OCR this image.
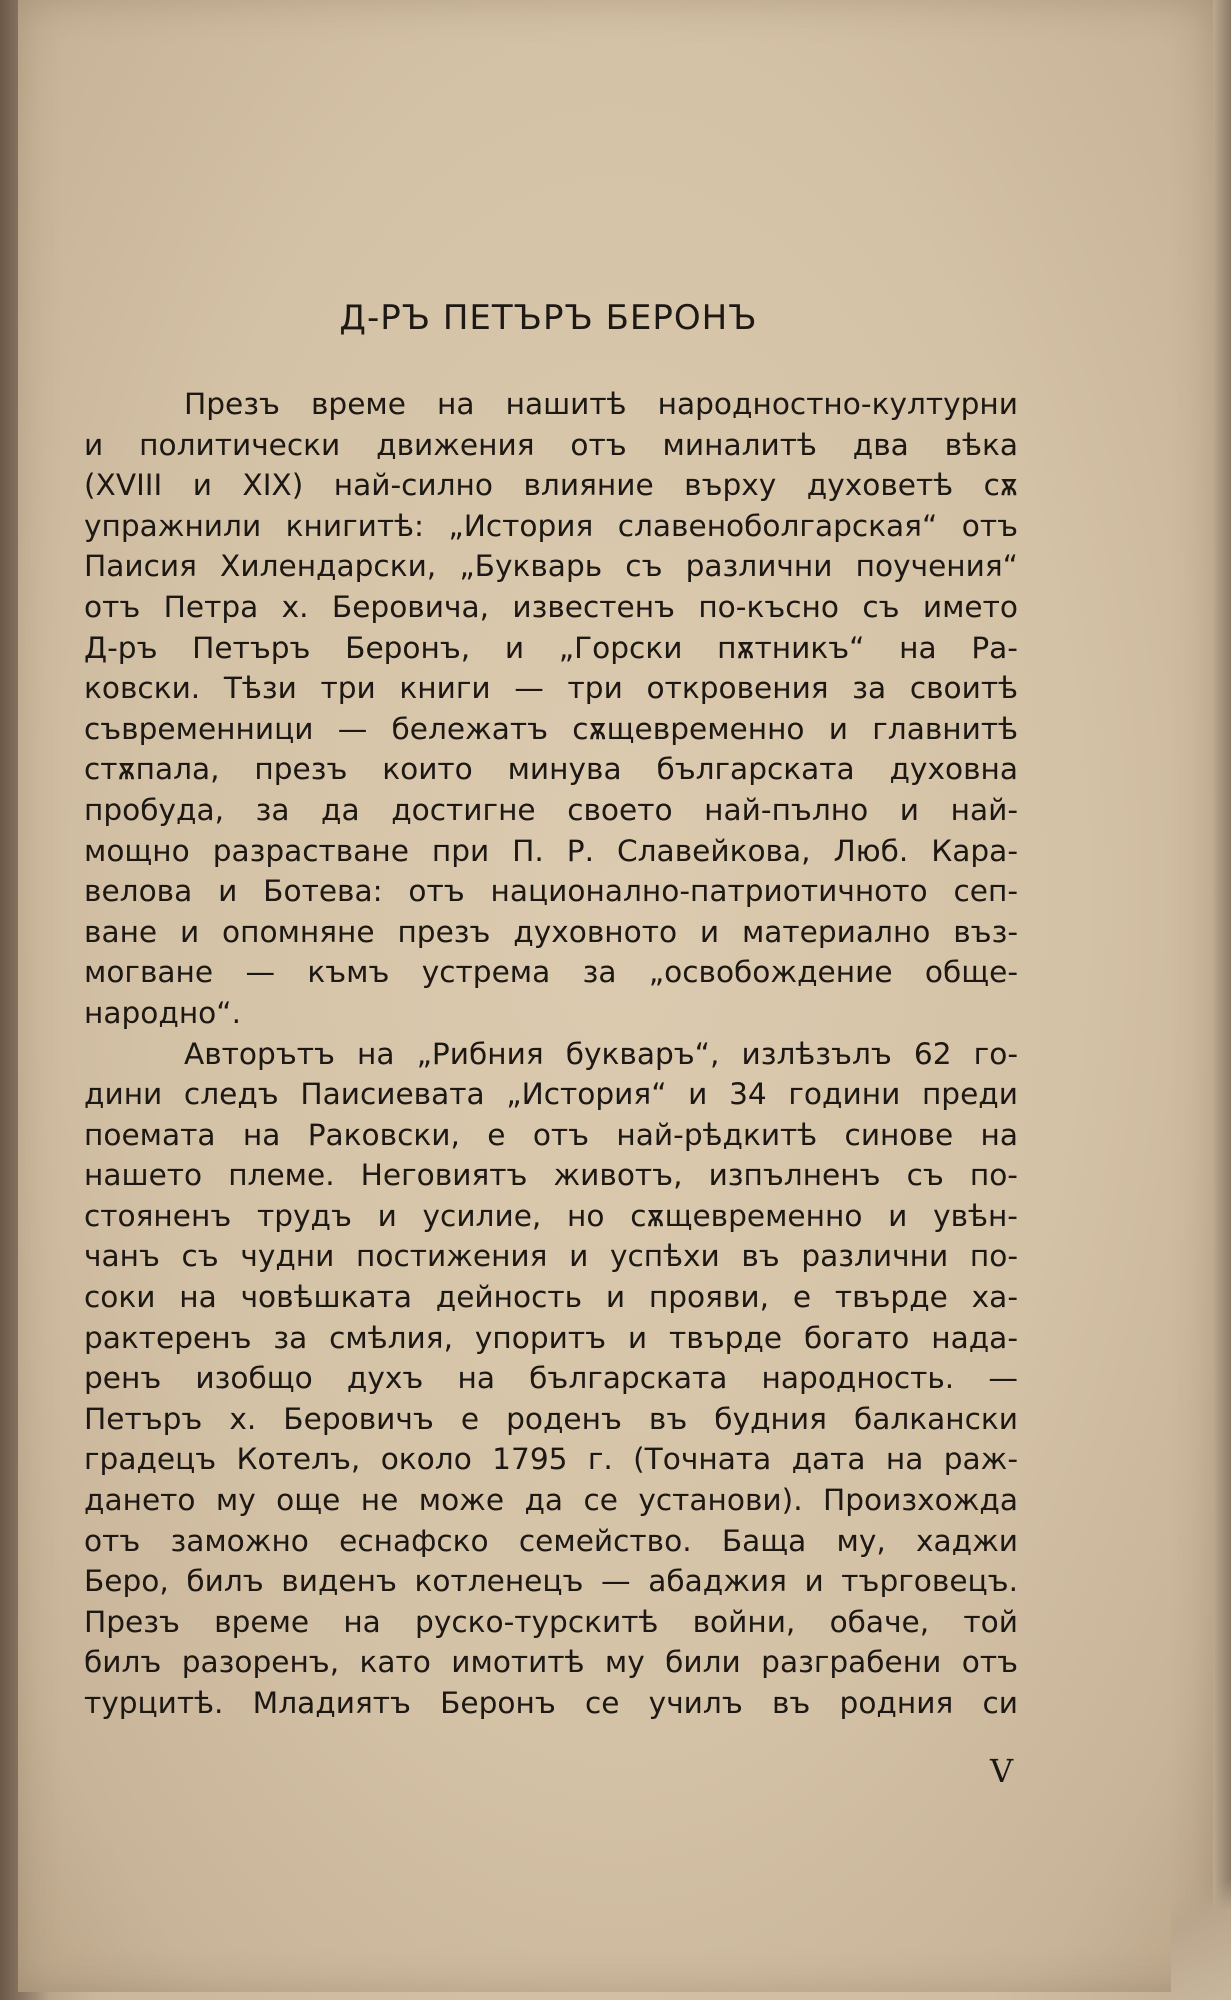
Д-РЪ ПЕТЪРЪ БЕРОНЪ
Презъ време на нашитѣ народностно-културни
и политически движения отъ миналитѣ два вѣка
(XVIII и XIX) най-силно влияние върху духоветѣ сѫ
упражнили книгитѣ: „История славеноболгарская“ отъ
Паисия Хилендарски, „Букварь съ различни поучения“
отъ Петра х. Беровича, известенъ по-късно съ името
Д-ръ Петъръ Беронъ, и „Горски пѫтникъ“ на Ра-
ковски. Тѣзи три книги — три откровения за своитѣ
съвременници — бележатъ сѫщевременно и главнитѣ
стѫпала, презъ които минува българската духовна
пробуда, за да достигне своето най-пълно и най-
мощно разрастване при П. Р. Славейкова, Люб. Кара-
велова и Ботева: отъ национално-патриотичното сеп-
ване и опомняне презъ духовното и материално въз-
могване — къмъ устрема за „освобождение обще-
народно“.
Авторътъ на „Рибния букваръ“, излѣзълъ 62 го-
дини следъ Паисиевата „История“ и 34 години преди
поемата на Раковски, е отъ най-рѣдкитѣ синове на
нашето племе. Неговиятъ животъ, изпълненъ съ по-
стояненъ трудъ и усилие, но сѫщевременно и увѣн-
чанъ съ чудни постижения и успѣхи въ различни по-
соки на човѣшката дейность и прояви, е твърде ха-
рактеренъ за смѣлия, упоритъ и твърде богато нада-
ренъ изобщо духъ на българската народность. —
Петъръ х. Беровичъ е роденъ въ будния балкански
градецъ Котелъ, около 1795 г. (Точната дата на раж-
дането му още не може да се установи). Произхожда
отъ заможно еснафско семейство. Баща му, хаджи
Беро, билъ виденъ котленецъ — абаджия и търговецъ.
Презъ време на руско-турскитѣ войни, обаче, той
билъ разоренъ, като имотитѣ му били разграбени отъ
турцитѣ. Младиятъ Беронъ се училъ въ родния си
V
